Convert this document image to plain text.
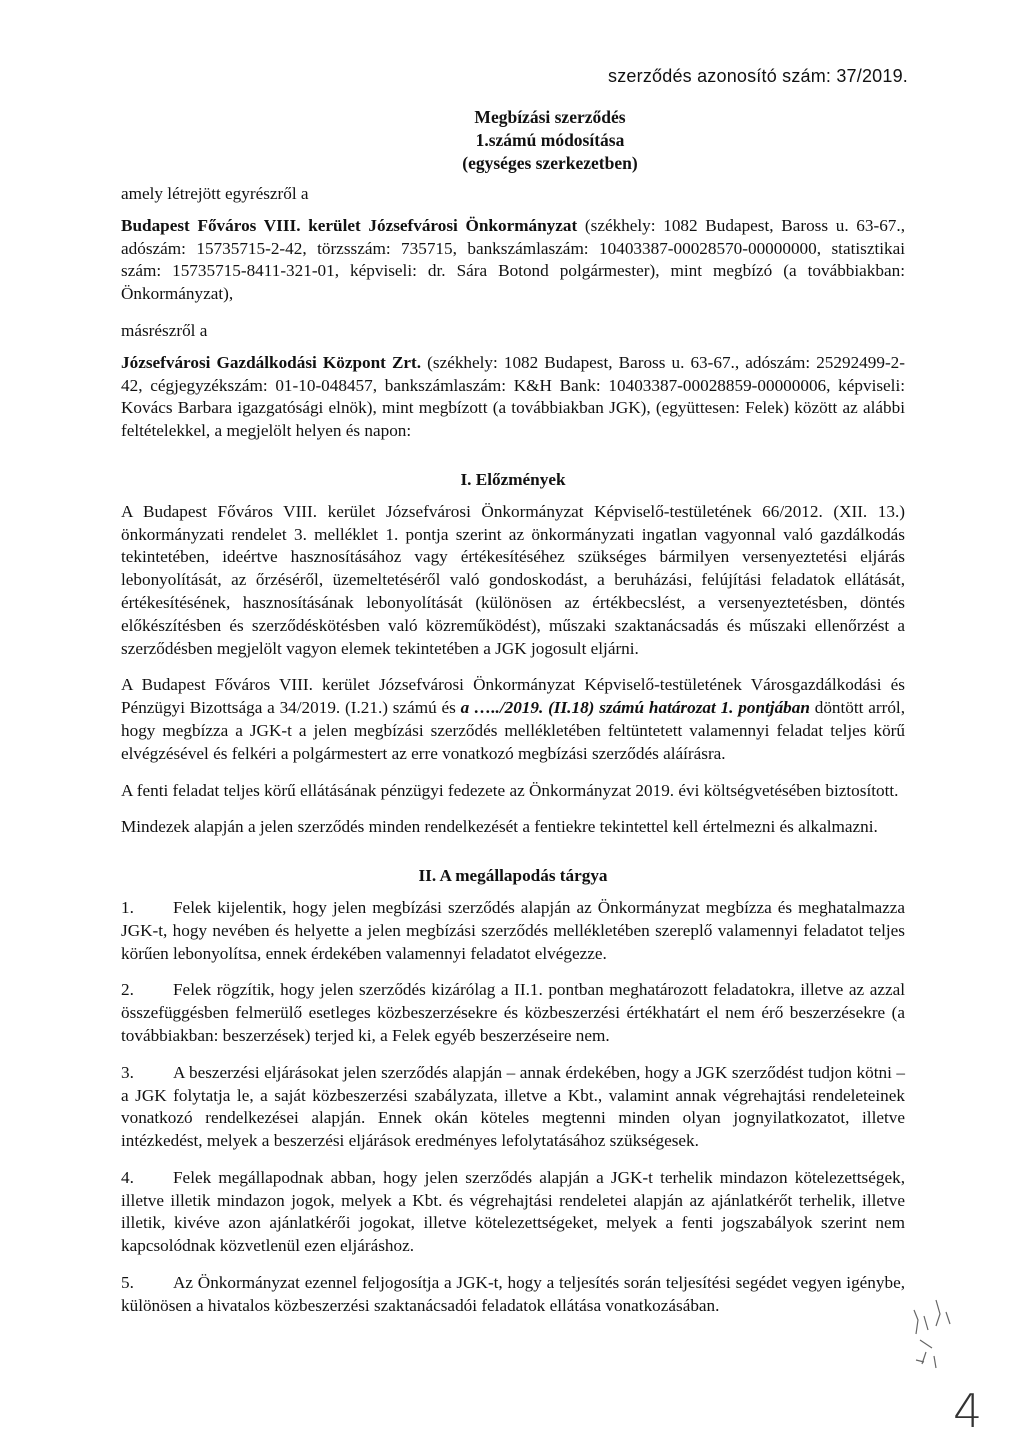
szerződés azonosító szám: 37/2019.
Megbízási szerződés
1.számú módosítása
(egységes szerkezetben)

amely létrejött egyrészről a

Budapest Főváros VIII. kerület Józsefvárosi Önkormányzat (székhely: 1082 Budapest, Baross u. 63-67., adószám: 15735715-2-42, törzsszám: 735715, bankszámlaszám: 10403387-00028570-00000000, statisztikai szám: 15735715-8411-321-01, képviseli: dr. Sára Botond polgármester), mint megbízó (a továbbiakban: Önkormányzat),

másrészről a

Józsefvárosi Gazdálkodási Központ Zrt. (székhely: 1082 Budapest, Baross u. 63-67., adószám: 25292499-2-42, cégjegyzékszám: 01-10-048457, bankszámlaszám: K&H Bank: 10403387-00028859-00000006, képviseli: Kovács Barbara igazgatósági elnök), mint megbízott (a továbbiakban JGK), (együttesen: Felek) között az alábbi feltételekkel, a megjelölt helyen és napon:

I. Előzmények

A Budapest Főváros VIII. kerület Józsefvárosi Önkormányzat Képviselő-testületének 66/2012. (XII. 13.) önkormányzati rendelet 3. melléklet 1. pontja szerint az önkormányzati ingatlan vagyonnal való gazdálkodás tekintetében, ideértve hasznosításához vagy értékesítéséhez szükséges bármilyen versenyeztetési eljárás lebonyolítását, az őrzéséről, üzemeltetéséről való gondoskodást, a beruházási, felújítási feladatok ellátását, értékesítésének, hasznosításának lebonyolítását (különösen az értékbecslést, a versenyeztetésben, döntés előkészítésben és szerződéskötésben való közreműködést), műszaki szaktanácsadás és műszaki ellenőrzést a szerződésben megjelölt vagyon elemek tekintetében a JGK jogosult eljárni.

A Budapest Főváros VIII. kerület Józsefvárosi Önkormányzat Képviselő-testületének Városgazdálkodási és Pénzügyi Bizottsága a 34/2019. (I.21.) számú és a …../2019. (II.18) számú határozat 1. pontjában döntött arról, hogy megbízza a JGK-t a jelen megbízási szerződés mellékletében feltüntetett valamennyi feladat teljes körű elvégzésével és felkéri a polgármestert az erre vonatkozó megbízási szerződés aláírásra.

A fenti feladat teljes körű ellátásának pénzügyi fedezete az Önkormányzat 2019. évi költségvetésében biztosított.

Mindezek alapján a jelen szerződés minden rendelkezését a fentiekre tekintettel kell értelmezni és alkalmazni.

II. A megállapodás tárgya

1. Felek kijelentik, hogy jelen megbízási szerződés alapján az Önkormányzat megbízza és meghatalmazza JGK-t, hogy nevében és helyette a jelen megbízási szerződés mellékletében szereplő valamennyi feladatot teljes körűen lebonyolítsa, ennek érdekében valamennyi feladatot elvégezze.

2. Felek rögzítik, hogy jelen szerződés kizárólag a II.1. pontban meghatározott feladatokra, illetve az azzal összefüggésben felmerülő esetleges közbeszerzésekre és közbeszerzési értékhatárt el nem érő beszerzésekre (a továbbiakban: beszerzések) terjed ki, a Felek egyéb beszerzéseire nem.

3. A beszerzési eljárásokat jelen szerződés alapján – annak érdekében, hogy a JGK szerződést tudjon kötni – a JGK folytatja le, a saját közbeszerzési szabályzata, illetve a Kbt., valamint annak végrehajtási rendeleteinek vonatkozó rendelkezései alapján. Ennek okán köteles megtenni minden olyan jognyilatkozatot, illetve intézkedést, melyek a beszerzési eljárások eredményes lefolytatásához szükségesek.

4. Felek megállapodnak abban, hogy jelen szerződés alapján a JGK-t terhelik mindazon kötelezettségek, illetve illetik mindazon jogok, melyek a Kbt. és végrehajtási rendeletei alapján az ajánlatkérőt terhelik, illetve illetik, kivéve azon ajánlatkérői jogokat, illetve kötelezettségeket, melyek a fenti jogszabályok szerint nem kapcsolódnak közvetlenül ezen eljáráshoz.

5. Az Önkormányzat ezennel feljogosítja a JGK-t, hogy a teljesítés során teljesítési segédet vegyen igénybe, különösen a hivatalos közbeszerzési szaktanácsadói feladatok ellátása vonatkozásában.

4
